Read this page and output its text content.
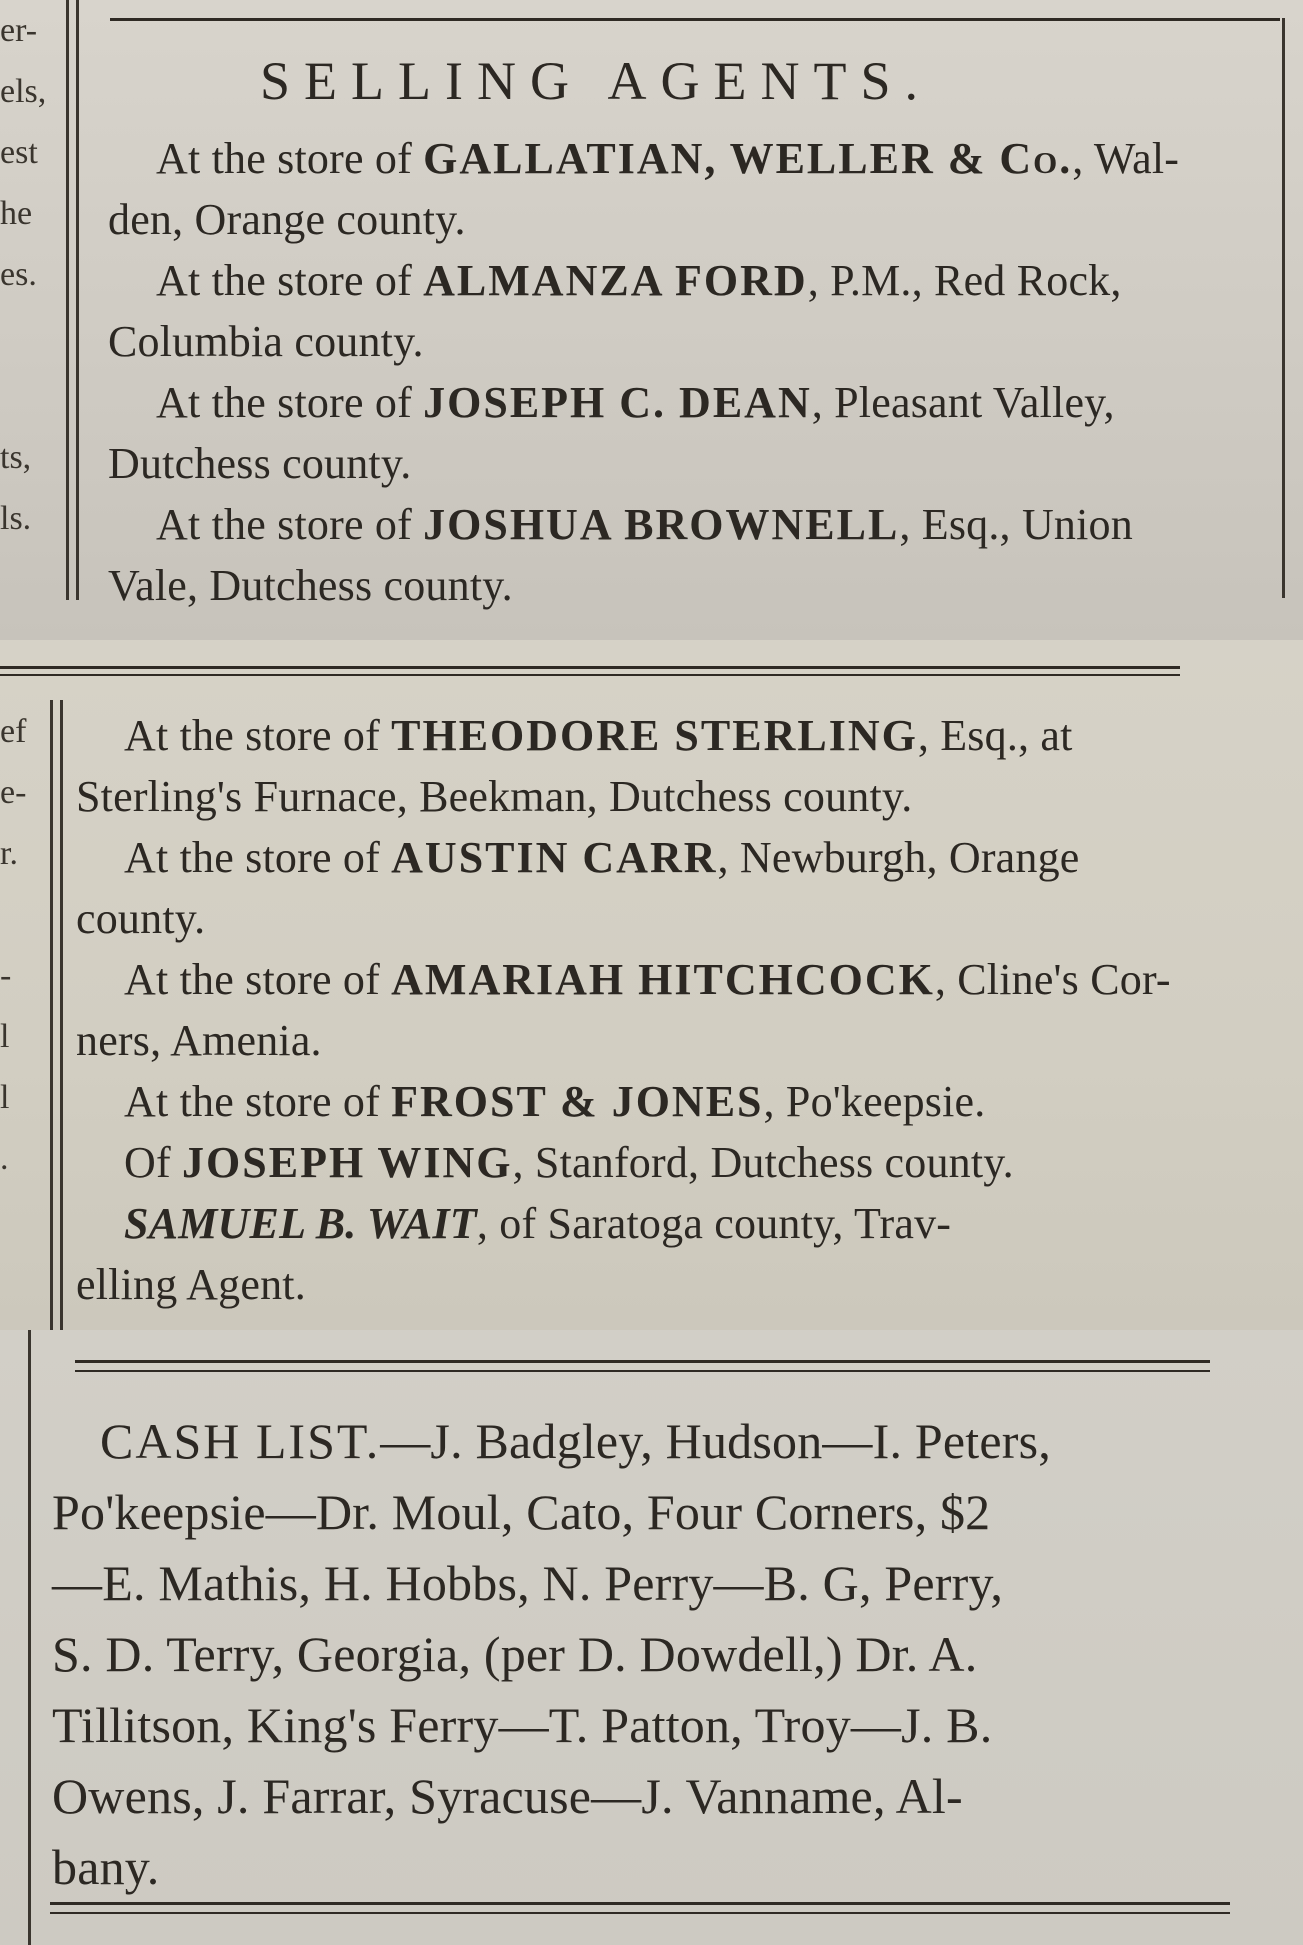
er-
els,
est
he
es.
ts,
ls.
SELLING AGENTS.
At the store of GALLATIAN, WELLER & Co., Wal-
den, Orange county.
At the store of ALMANZA FORD, P.M., Red Rock,
Columbia county.
At the store of JOSEPH C. DEAN, Pleasant Valley,
Dutchess county.
At the store of JOSHUA BROWNELL, Esq., Union
Vale, Dutchess county.
ef
e-
r.
-
l
l
.
At the store of THEODORE STERLING, Esq., at
Sterling's Furnace, Beekman, Dutchess county.
At the store of AUSTIN CARR, Newburgh, Orange
county.
At the store of AMARIAH HITCHCOCK, Cline's Cor-
ners, Amenia.
At the store of FROST & JONES, Po'keepsie.
Of JOSEPH WING, Stanford, Dutchess county.
SAMUEL B. WAIT, of Saratoga county, Trav-
elling Agent.
CASH LIST.—J. Badgley, Hudson—I. Peters,
Po'keepsie—Dr. Moul, Cato, Four Corners, $2
—E. Mathis, H. Hobbs, N. Perry—B. G, Perry,
S. D. Terry, Georgia, (per D. Dowdell,) Dr. A.
Tillitson, King's Ferry—T. Patton, Troy—J. B.
Owens, J. Farrar, Syracuse—J. Vanname, Al-
bany.
